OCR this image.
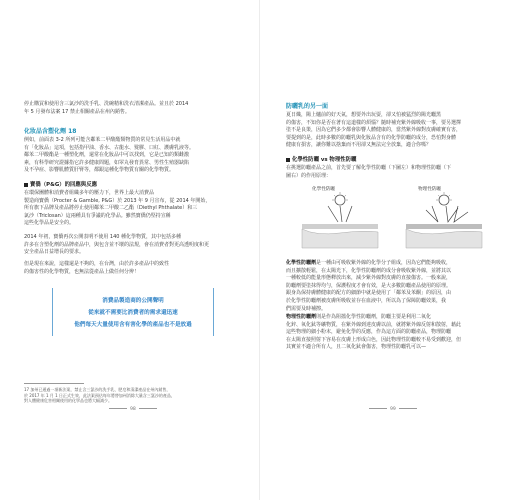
停止購買和使用含三氯沙的洗手乳、洗碗精和洗衣清潔產品。並且於 2014
年 5 月發布法案 17 禁止相關產品在州內銷售。
化妝品含塑化劑 18
例如，前面表 3-2 所列可能含鄰苯二甲酸酯類物質的常見生活用品中就
有「化妝品」這項，包括指甲油、香水、古龍水、髮膠、口紅、護膚乳液等。
鄰苯二甲酸酯是一種塑化劑，還常在化妝品中可以找到，它是已知的類雌激
素，有科學研究證據指它許多健康問題，如睪丸發育異常、男性生殖器缺陷
及不孕症、影響肌體質肝腎等，都跟這種化學物質有關的化學物質。
寶僑（P&G）的回應與反應
在環保團體和消費者組織多年的壓力下，世界上最大消費品
製造商寶僑（Procter & Gamble, P&G）於 2013 年 9 月宣布，從 2014 年開始，
所有旗下品牌及產品將停止使用鄰苯二甲酸二乙酯（Diethyl Phthalate）和三
氯沙（Triclosan）這兩種具有爭議的化學品。雖然寶僑仍堅持宣稱
這些化學品是安全的。
2014 年初，寶僑再次公開表明不使用 140 種化學物質，其中包括多種
許多在含塑化劑的品牌產品中，與包含並不壞的法規，會在消費者對更高透明度和更
安全產品日益增長的要求。
但是現在來說，這樣還是不夠的，在台灣，由於許多產品中的致性
的傷害性的化學物質，也無法從產品上做任何分辨！
消費品製造商的公開聲明
從來就不需要比消費者的需求還迅速
他們每天大量使用含有害化學的產品也不是放過
17 加州已通過一項新法案，禁止含三氯沙的洗手乳、肥皂和清潔產品在州內銷售，
於 2017 年 1 月 1 日正式生效，此法案預估每年將替加州消除大量含三氯沙的產品，
對人體健康危害相關使用的化學品也將大幅減少。
98
防曬乳的另一面
夏日熾，陽上爐前的好天氣，想要外出玩耍，卻又怕被猛烈的陽光曬黑
的傷害，不知你是否在著有這道樣的煩惱？隨時補充紫外線吸收一事，要另選擇
塗不是良策，因為它們多少都會影響人體健康的，當然紫外線對皮膚確實有害，
要提到的是，此時多數的防曬乳與化妝品含有的化學防曬的成分，恐怕對身體
健康有損害，讓你難以捨棄而不用卻又無法完全放棄，適合你嗎？
化學性防曬 vs 物理性防曬
在挑選防曬產品之前，首先要了解化學性防曬（下圖左）和物理性防曬（下
圖右）的作用原理：
化學性防曬	物理性防曬
化學性防曬劑是一種由可吸收紫外線的化學分子組成，因為它們能夠吸收，
而且擴散輕鬆，在太陽光下，化學性防曬劑的成分會吸收紫外線，並將其以
一種較低的能量形態釋放出來，減少紫外線對皮膚的直接傷害。一般來說，
防曬劑要塗抹得均勻，保護程度才會有效，是大多數防曬產品使用的原理。
跟身為保持膚體健康的配方的細節中就是使用了「鄰苯及苯酮」的原因，由
於化學性防曬劑被皮膚所吸收並存在血液中，所以為了保障防曬效果，我
們需要及時補擦。
物理性防曬劑則是作為阻擋化學性防曬劑，防曬主要是利用二氧化
化鋅、氧化鈦等礦物質，在紫外線到達皮膚以前，就將紫外線反射和散射，藉此
這些物理的細小粉末，避免化學的反應，作為這方面的防曬產品，物理防曬
在太陽直接照射下容易在皮膚上形成白色，因此物理性防曬較不易受到歡迎，但
其實並不適合所有人，且二氧化鈦會傷害，物理性防曬乳可以—
99
